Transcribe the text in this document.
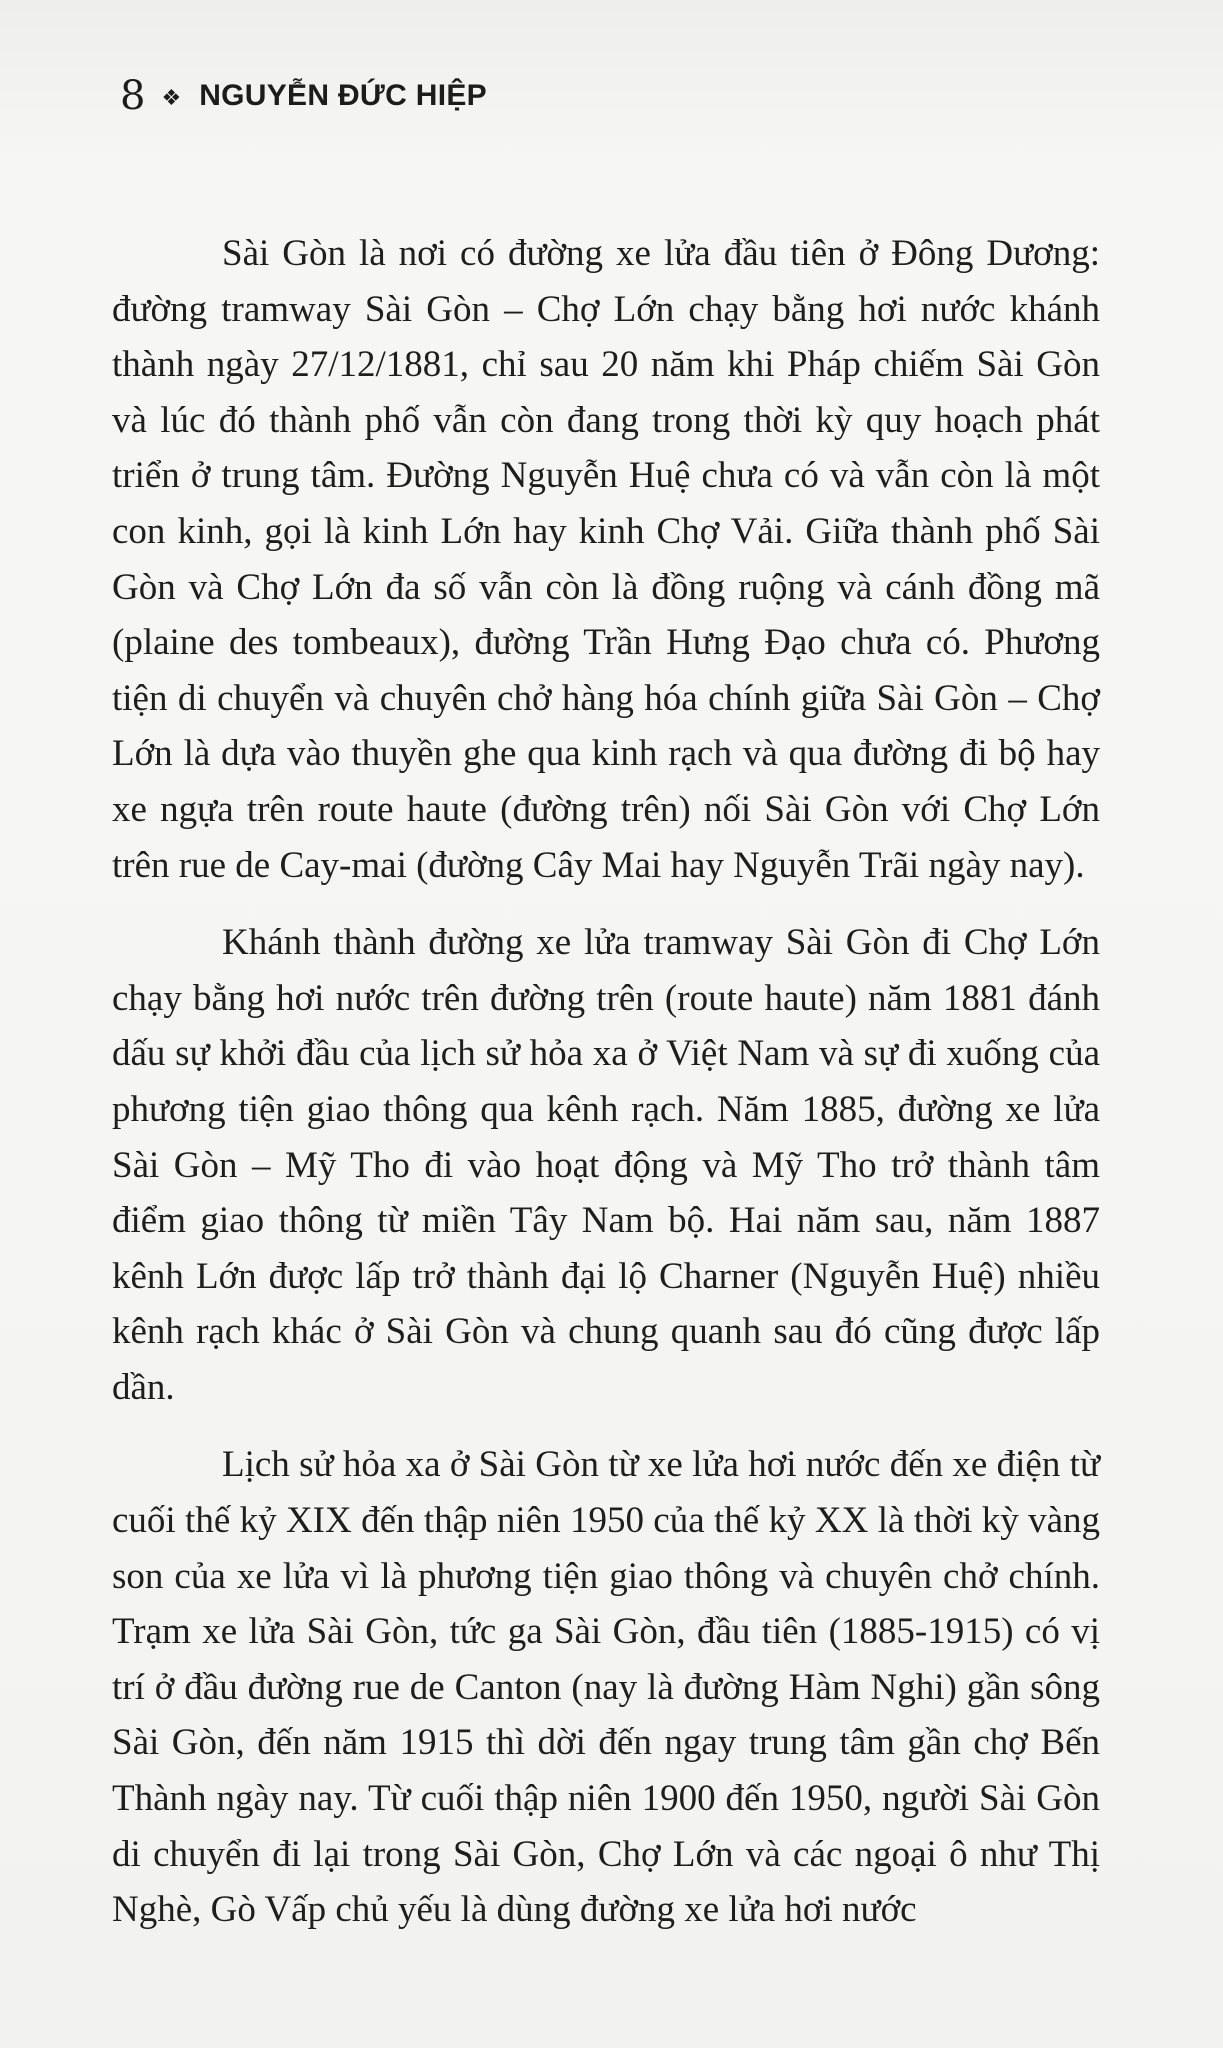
8 ❖ NGUYỄN ĐỨC HIỆP

Sài Gòn là nơi có đường xe lửa đầu tiên ở Đông Dương: đường tramway Sài Gòn – Chợ Lớn chạy bằng hơi nước khánh thành ngày 27/12/1881, chỉ sau 20 năm khi Pháp chiếm Sài Gòn và lúc đó thành phố vẫn còn đang trong thời kỳ quy hoạch phát triển ở trung tâm. Đường Nguyễn Huệ chưa có và vẫn còn là một con kinh, gọi là kinh Lớn hay kinh Chợ Vải. Giữa thành phố Sài Gòn và Chợ Lớn đa số vẫn còn là đồng ruộng và cánh đồng mã (plaine des tombeaux), đường Trần Hưng Đạo chưa có. Phương tiện di chuyển và chuyên chở hàng hóa chính giữa Sài Gòn – Chợ Lớn là dựa vào thuyền ghe qua kinh rạch và qua đường đi bộ hay xe ngựa trên route haute (đường trên) nối Sài Gòn với Chợ Lớn trên rue de Cay-mai (đường Cây Mai hay Nguyễn Trãi ngày nay).

Khánh thành đường xe lửa tramway Sài Gòn đi Chợ Lớn chạy bằng hơi nước trên đường trên (route haute) năm 1881 đánh dấu sự khởi đầu của lịch sử hỏa xa ở Việt Nam và sự đi xuống của phương tiện giao thông qua kênh rạch. Năm 1885, đường xe lửa Sài Gòn – Mỹ Tho đi vào hoạt động và Mỹ Tho trở thành tâm điểm giao thông từ miền Tây Nam bộ. Hai năm sau, năm 1887 kênh Lớn được lấp trở thành đại lộ Charner (Nguyễn Huệ) nhiều kênh rạch khác ở Sài Gòn và chung quanh sau đó cũng được lấp dần.

Lịch sử hỏa xa ở Sài Gòn từ xe lửa hơi nước đến xe điện từ cuối thế kỷ XIX đến thập niên 1950 của thế kỷ XX là thời kỳ vàng son của xe lửa vì là phương tiện giao thông và chuyên chở chính. Trạm xe lửa Sài Gòn, tức ga Sài Gòn, đầu tiên (1885-1915) có vị trí ở đầu đường rue de Canton (nay là đường Hàm Nghi) gần sông Sài Gòn, đến năm 1915 thì dời đến ngay trung tâm gần chợ Bến Thành ngày nay. Từ cuối thập niên 1900 đến 1950, người Sài Gòn di chuyển đi lại trong Sài Gòn, Chợ Lớn và các ngoại ô như Thị Nghè, Gò Vấp chủ yếu là dùng đường xe lửa hơi nước
